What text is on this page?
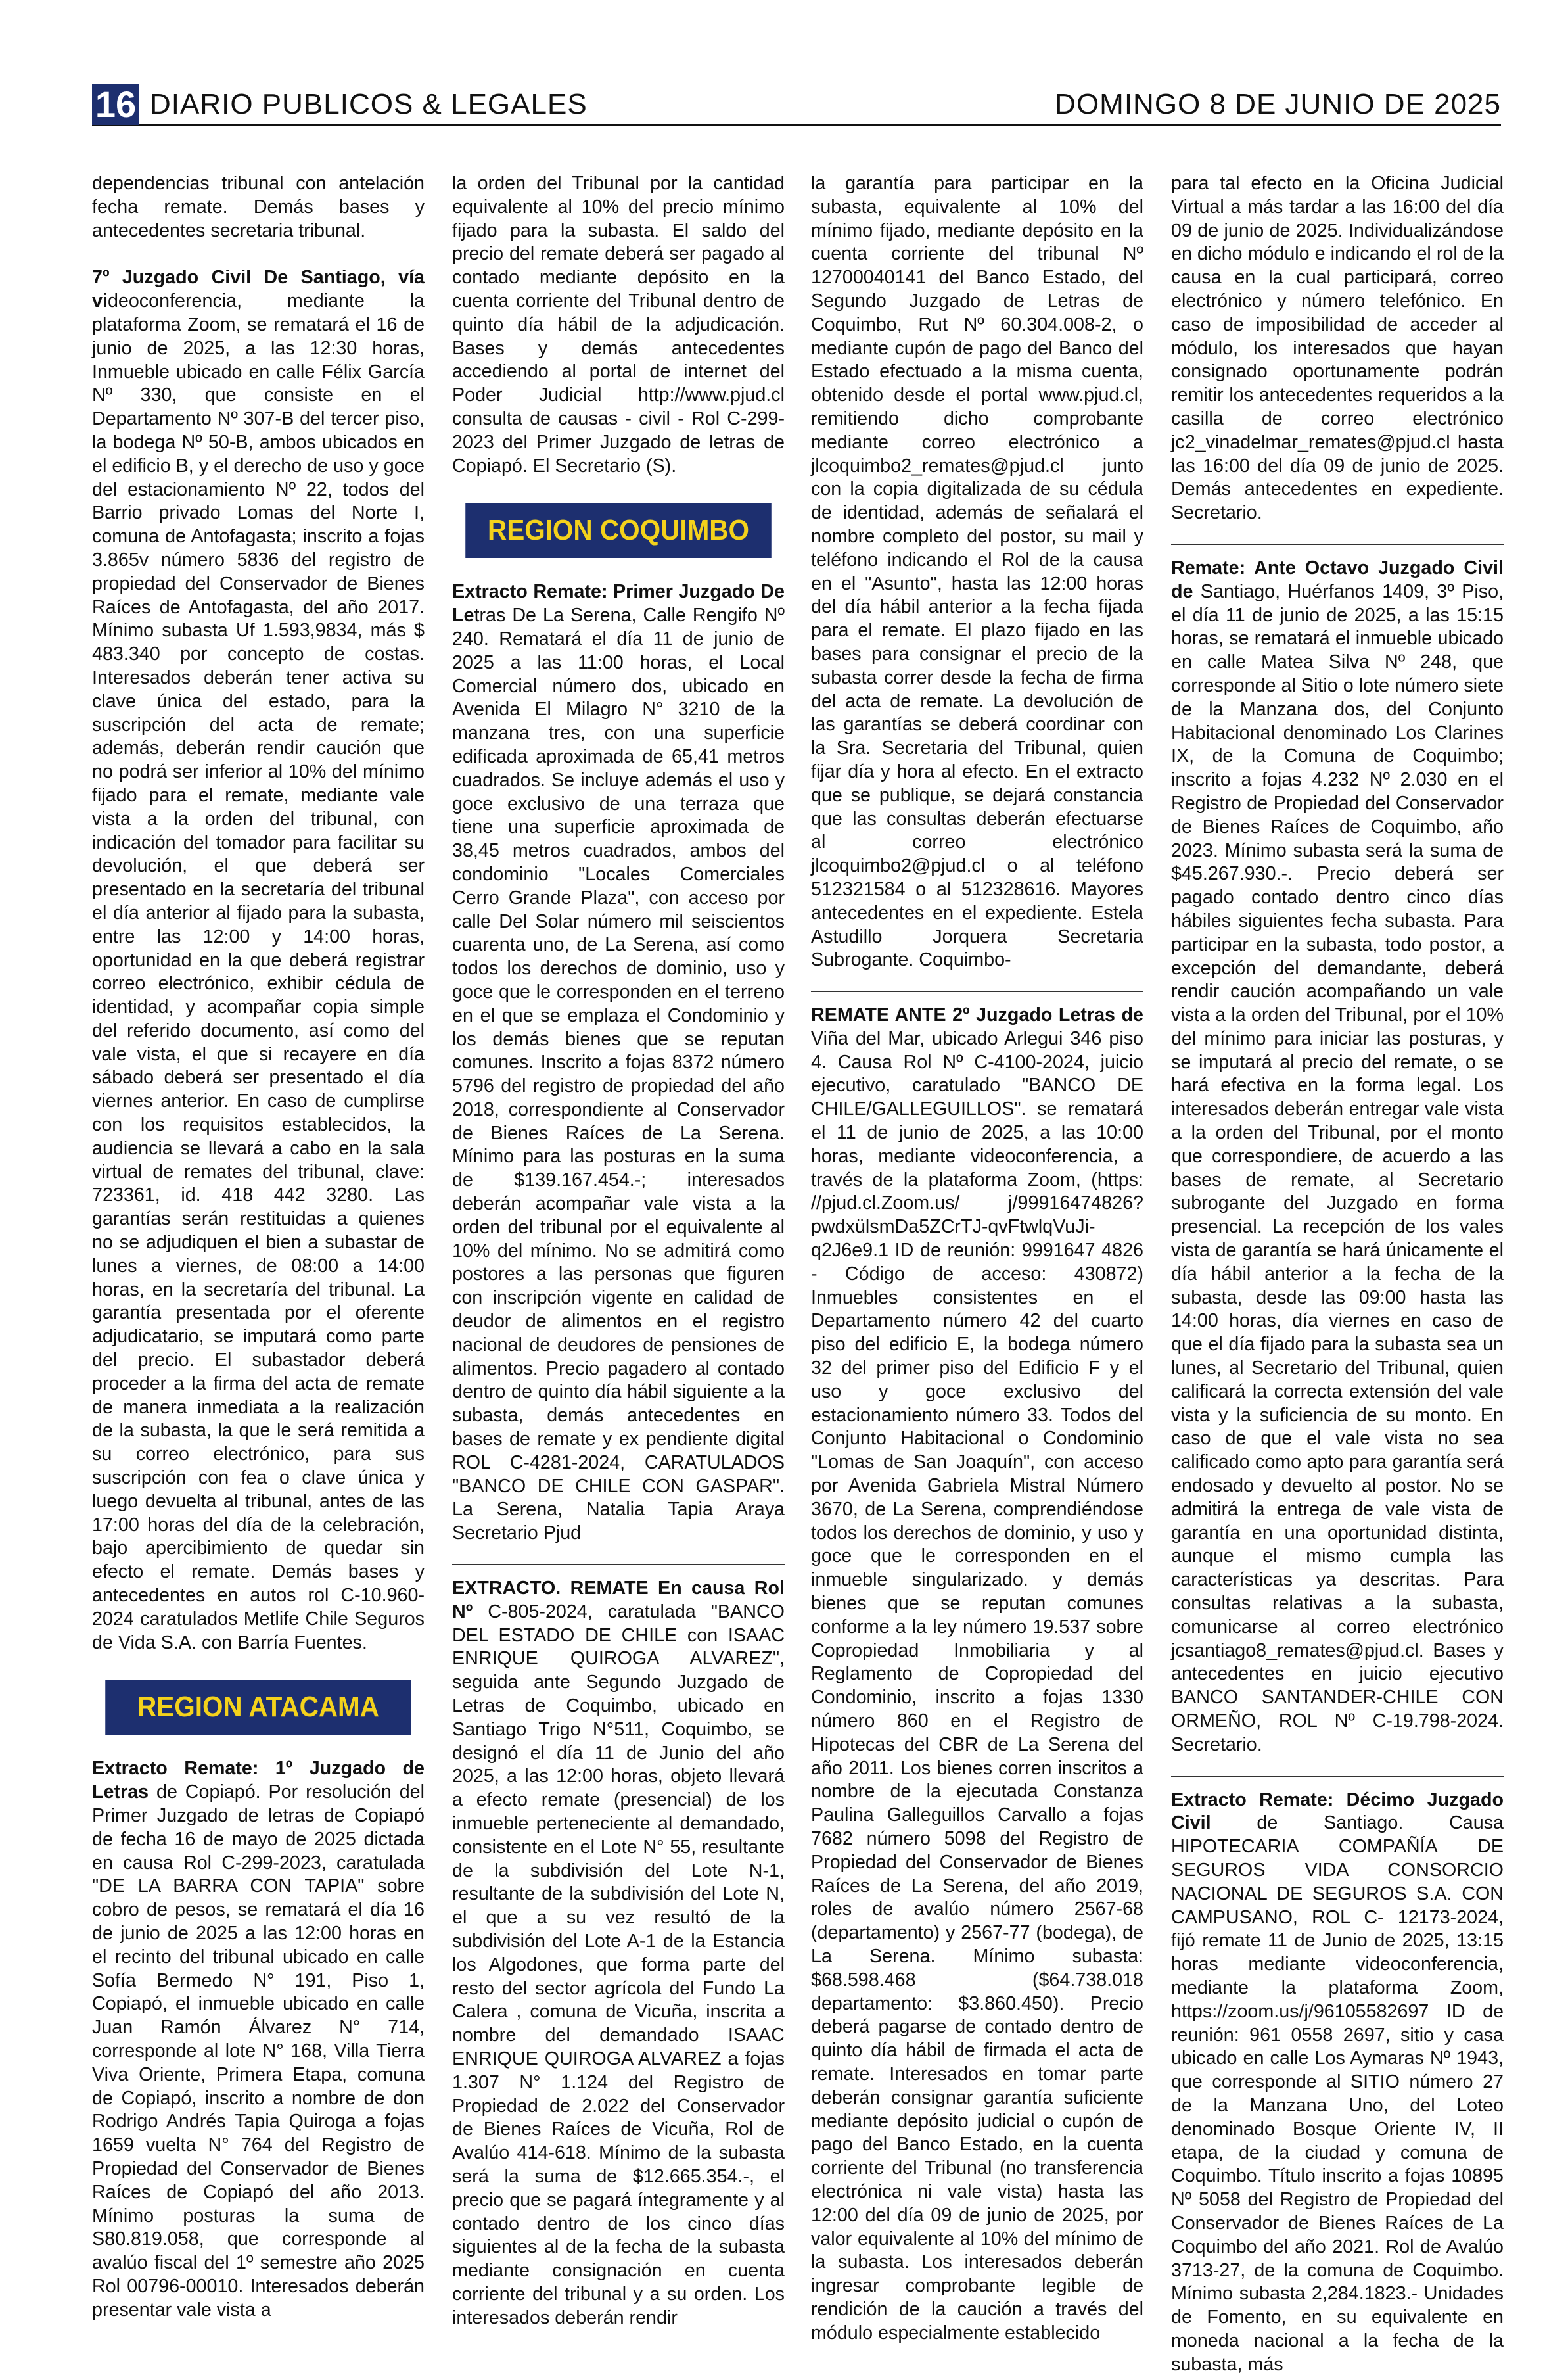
16 DIARIO PUBLICOS & LEGALES	DOMINGO 8 DE JUNIO DE 2025

dependencias tribunal con antelación fecha remate. Demás bases y antecedentes secretaria tribunal.

7º Juzgado Civil De Santiago, vía videoconferencia, mediante la plataforma Zoom, se rematará el 16 de junio de 2025, a las 12:30 horas, Inmueble ubicado en calle Félix García Nº 330, que consiste en el Departamento Nº 307-B del tercer piso, la bodega Nº 50-B, ambos ubicados en el edificio B, y el derecho de uso y goce del estacionamiento Nº 22, todos del Barrio privado Lomas del Norte I, comuna de Antofagasta; inscrito a fojas 3.865v número 5836 del registro de propiedad del Conservador de Bienes Raíces de Antofagasta, del año 2017. Mínimo subasta Uf 1.593,9834, más $ 483.340 por concepto de costas. Interesados deberán tener activa su clave única del estado, para la suscripción del acta de remate; además, deberán rendir caución que no podrá ser inferior al 10% del mínimo fijado para el remate, mediante vale vista a la orden del tribunal, con indicación del tomador para facilitar su devolución, el que deberá ser presentado en la secretaría del tribunal el día anterior al fijado para la subasta, entre las 12:00 y 14:00 horas, oportunidad en la que deberá registrar correo electrónico, exhibir cédula de identidad, y acompañar copia simple del referido documento, así como del vale vista, el que si recayere en día sábado deberá ser presentado el día viernes anterior. En caso de cumplirse con los requisitos establecidos, la audiencia se llevará a cabo en la sala virtual de remates del tribunal, clave: 723361, id. 418 442 3280. Las garantías serán restituidas a quienes no se adjudiquen el bien a subastar de lunes a viernes, de 08:00 a 14:00 horas, en la secretaría del tribunal. La garantía presentada por el oferente adjudicatario, se imputará como parte del precio. El subastador deberá proceder a la firma del acta de remate de manera inmediata a la realización de la subasta, la que le será remitida a su correo electrónico, para sus suscripción con fea o clave única y luego devuelta al tribunal, antes de las 17:00 horas del día de la celebración, bajo apercibimiento de quedar sin efecto el remate. Demás bases y antecedentes en autos rol C-10.960-2024 caratulados Metlife Chile Seguros de Vida S.A. con Barría Fuentes.

REGION ATACAMA

Extracto Remate: 1º Juzgado de Letras de Copiapó. Por resolución del Primer Juzgado de letras de Copiapó de fecha 16 de mayo de 2025 dictada en causa Rol C-299-2023, caratulada "DE LA BARRA CON TAPIA" sobre cobro de pesos, se rematará el día 16 de junio de 2025 a las 12:00 horas en el recinto del tribunal ubicado en calle Sofía Bermedo N° 191, Piso 1, Copiapó, el inmueble ubicado en calle Juan Ramón Álvarez N° 714, corresponde al lote N° 168, Villa Tierra Viva Oriente, Primera Etapa, comuna de Copiapó, inscrito a nombre de don Rodrigo Andrés Tapia Quiroga a fojas 1659 vuelta N° 764 del Registro de Propiedad del Conservador de Bienes Raíces de Copiapó del año 2013. Mínimo posturas la suma de S80.819.058, que corresponde al avalúo fiscal del 1º semestre año 2025 Rol 00796-00010. Interesados deberán presentar vale vista a

la orden del Tribunal por la cantidad equivalente al 10% del precio mínimo fijado para la subasta. El saldo del precio del remate deberá ser pagado al contado mediante depósito en la cuenta corriente del Tribunal dentro de quinto día hábil de la adjudicación. Bases y demás antecedentes accediendo al portal de internet del Poder Judicial http://www.pjud.cl consulta de causas - civil - Rol C-299-2023 del Primer Juzgado de letras de Copiapó. El Secretario (S).

REGION COQUIMBO

Extracto Remate: Primer Juzgado De Letras De La Serena, Calle Rengifo Nº 240. Rematará el día 11 de junio de 2025 a las 11:00 horas, el Local Comercial número dos, ubicado en Avenida El Milagro N° 3210 de la manzana tres, con una superficie edificada aproximada de 65,41 metros cuadrados. Se incluye además el uso y goce exclusivo de una terraza que tiene una superficie aproximada de 38,45 metros cuadrados, ambos del condominio "Locales Comerciales Cerro Grande Plaza", con acceso por calle Del Solar número mil seiscientos cuarenta uno, de La Serena, así como todos los derechos de dominio, uso y goce que le corresponden en el terreno en el que se emplaza el Condominio y los demás bienes que se reputan comunes. Inscrito a fojas 8372 número 5796 del registro de propiedad del año 2018, correspondiente al Conservador de Bienes Raíces de La Serena. Mínimo para las posturas en la suma de $139.167.454.-; interesados deberán acompañar vale vista a la orden del tribunal por el equivalente al 10% del mínimo. No se admitirá como postores a las personas que figuren con inscripción vigente en calidad de deudor de alimentos en el registro nacional de deudores de pensiones de alimentos. Precio pagadero al contado dentro de quinto día hábil siguiente a la subasta, demás antecedentes en bases de remate y ex pendiente digital ROL C-4281-2024, CARATULADOS "BANCO DE CHILE CON GASPAR". La Serena, Natalia Tapia Araya Secretario Pjud

EXTRACTO. REMATE En causa Rol Nº C-805-2024, caratulada "BANCO DEL ESTADO DE CHILE con ISAAC ENRIQUE QUIROGA ALVAREZ", seguida ante Segundo Juzgado de Letras de Coquimbo, ubicado en Santiago Trigo N°511, Coquimbo, se designó el día 11 de Junio del año 2025, a las 12:00 horas, objeto llevará a efecto remate (presencial) de los inmueble perteneciente al demandado, consistente en el Lote N° 55, resultante de la subdivisión del Lote N-1, resultante de la subdivisión del Lote N, el que a su vez resultó de la subdivisión del Lote A-1 de la Estancia los Algodones, que forma parte del resto del sector agrícola del Fundo La Calera , comuna de Vicuña, inscrita a nombre del demandado ISAAC ENRIQUE QUIROGA ALVAREZ a fojas 1.307 N° 1.124 del Registro de Propiedad de 2.022 del Conservador de Bienes Raíces de Vicuña, Rol de Avalúo 414-618. Mínimo de la subasta será la suma de $12.665.354.-, el precio que se pagará íntegramente y al contado dentro de los cinco días siguientes al de la fecha de la subasta mediante consignación en cuenta corriente del tribunal y a su orden. Los interesados deberán rendir

la garantía para participar en la subasta, equivalente al 10% del mínimo fijado, mediante depósito en la cuenta corriente del tribunal Nº 12700040141 del Banco Estado, del Segundo Juzgado de Letras de Coquimbo, Rut Nº 60.304.008-2, o mediante cupón de pago del Banco del Estado efectuado a la misma cuenta, obtenido desde el portal www.pjud.cl, remitiendo dicho comprobante mediante correo electrónico a jlcoquimbo2_remates@pjud.cl junto con la copia digitalizada de su cédula de identidad, además de señalará el nombre completo del postor, su mail y teléfono indicando el Rol de la causa en el "Asunto", hasta las 12:00 horas del día hábil anterior a la fecha fijada para el remate. El plazo fijado en las bases para consignar el precio de la subasta correr desde la fecha de firma del acta de remate. La devolución de las garantías se deberá coordinar con la Sra. Secretaria del Tribunal, quien fijar día y hora al efecto. En el extracto que se publique, se dejará constancia que las consultas deberán efectuarse al correo electrónico jlcoquimbo2@pjud.cl o al teléfono 512321584 o al 512328616. Mayores antecedentes en el expediente. Estela Astudillo Jorquera Secretaria Subrogante. Coquimbo-

REMATE ANTE 2º Juzgado Letras de Viña del Mar, ubicado Arlegui 346 piso 4. Causa Rol Nº C-4100-2024, juicio ejecutivo, caratulado "BANCO DE CHILE/GALLEGUILLOS". se rematará el 11 de junio de 2025, a las 10:00 horas, mediante videoconferencia, a través de la plataforma Zoom, (https: //pjud.cl.Zoom.us/ j/99916474826?pwdxülsmDa5ZCrTJ-qvFtwlqVuJi-q2J6e9.1 ID de reunión: 9991647 4826 - Código de acceso: 430872) Inmuebles consistentes en el Departamento número 42 del cuarto piso del edificio E, la bodega número 32 del primer piso del Edificio F y el uso y goce exclusivo del estacionamiento número 33. Todos del Conjunto Habitacional o Condominio "Lomas de San Joaquín", con acceso por Avenida Gabriela Mistral Número 3670, de La Serena, comprendiéndose todos los derechos de dominio, y uso y goce que le corresponden en el inmueble singularizado. y demás bienes que se reputan comunes conforme a la ley número 19.537 sobre Copropiedad Inmobiliaria y al Reglamento de Copropiedad del Condominio, inscrito a fojas 1330 número 860 en el Registro de Hipotecas del CBR de La Serena del año 2011. Los bienes corren inscritos a nombre de la ejecutada Constanza Paulina Galleguillos Carvallo a fojas 7682 número 5098 del Registro de Propiedad del Conservador de Bienes Raíces de La Serena, del año 2019, roles de avalúo número 2567-68 (departamento) y 2567-77 (bodega), de La Serena. Mínimo subasta: $68.598.468 ($64.738.018 departamento: $3.860.450). Precio deberá pagarse de contado dentro de quinto día hábil de firmada el acta de remate. Interesados en tomar parte deberán consignar garantía suficiente mediante depósito judicial o cupón de pago del Banco Estado, en la cuenta corriente del Tribunal (no transferencia electrónica ni vale vista) hasta las 12:00 del día 09 de junio de 2025, por valor equivalente al 10% del mínimo de la subasta. Los interesados deberán ingresar comprobante legible de rendición de la caución a través del módulo especialmente establecido

para tal efecto en la Oficina Judicial Virtual a más tardar a las 16:00 del día 09 de junio de 2025. Individualizándose en dicho módulo e indicando el rol de la causa en la cual participará, correo electrónico y número telefónico. En caso de imposibilidad de acceder al módulo, los interesados que hayan consignado oportunamente podrán remitir los antecedentes requeridos a la casilla de correo electrónico jc2_vinadelmar_remates@pjud.cl hasta las 16:00 del día 09 de junio de 2025. Demás antecedentes en expediente. Secretario.

Remate: Ante Octavo Juzgado Civil de Santiago, Huérfanos 1409, 3º Piso, el día 11 de junio de 2025, a las 15:15 horas, se rematará el inmueble ubicado en calle Matea Silva Nº 248, que corresponde al Sitio o lote número siete de la Manzana dos, del Conjunto Habitacional denominado Los Clarines IX, de la Comuna de Coquimbo; inscrito a fojas 4.232 Nº 2.030 en el Registro de Propiedad del Conservador de Bienes Raíces de Coquimbo, año 2023. Mínimo subasta será la suma de $45.267.930.-. Precio deberá ser pagado contado dentro cinco días hábiles siguientes fecha subasta. Para participar en la subasta, todo postor, a excepción del demandante, deberá rendir caución acompañando un vale vista a la orden del Tribunal, por el 10% del mínimo para iniciar las posturas, y se imputará al precio del remate, o se hará efectiva en la forma legal. Los interesados deberán entregar vale vista a la orden del Tribunal, por el monto que correspondiere, de acuerdo a las bases de remate, al Secretario subrogante del Juzgado en forma presencial. La recepción de los vales vista de garantía se hará únicamente el día hábil anterior a la fecha de la subasta, desde las 09:00 hasta las 14:00 horas, día viernes en caso de que el día fijado para la subasta sea un lunes, al Secretario del Tribunal, quien calificará la correcta extensión del vale vista y la suficiencia de su monto. En caso de que el vale vista no sea calificado como apto para garantía será endosado y devuelto al postor. No se admitirá la entrega de vale vista de garantía en una oportunidad distinta, aunque el mismo cumpla las características ya descritas. Para consultas relativas a la subasta, comunicarse al correo electrónico jcsantiago8_remates@pjud.cl. Bases y antecedentes en juicio ejecutivo BANCO SANTANDER-CHILE CON ORMEÑO, ROL Nº C-19.798-2024. Secretario.

Extracto Remate: Décimo Juzgado Civil de Santiago. Causa HIPOTECARIA COMPAÑÍA DE SEGUROS VIDA CONSORCIO NACIONAL DE SEGUROS S.A. CON CAMPUSANO, ROL C- 12173-2024, fijó remate 11 de Junio de 2025, 13:15 horas mediante videoconferencia, mediante la plataforma Zoom, https://zoom.us/j/96105582697 ID de reunión: 961 0558 2697, sitio y casa ubicado en calle Los Aymaras Nº 1943, que corresponde al SITIO número 27 de la Manzana Uno, del Loteo denominado Bosque Oriente IV, II etapa, de la ciudad y comuna de Coquimbo. Título inscrito a fojas 10895 Nº 5058 del Registro de Propiedad del Conservador de Bienes Raíces de La Coquimbo del año 2021. Rol de Avalúo 3713-27, de la comuna de Coquimbo. Mínimo subasta 2,284.1823.- Unidades de Fomento, en su equivalente en moneda nacional a la fecha de la subasta, más
